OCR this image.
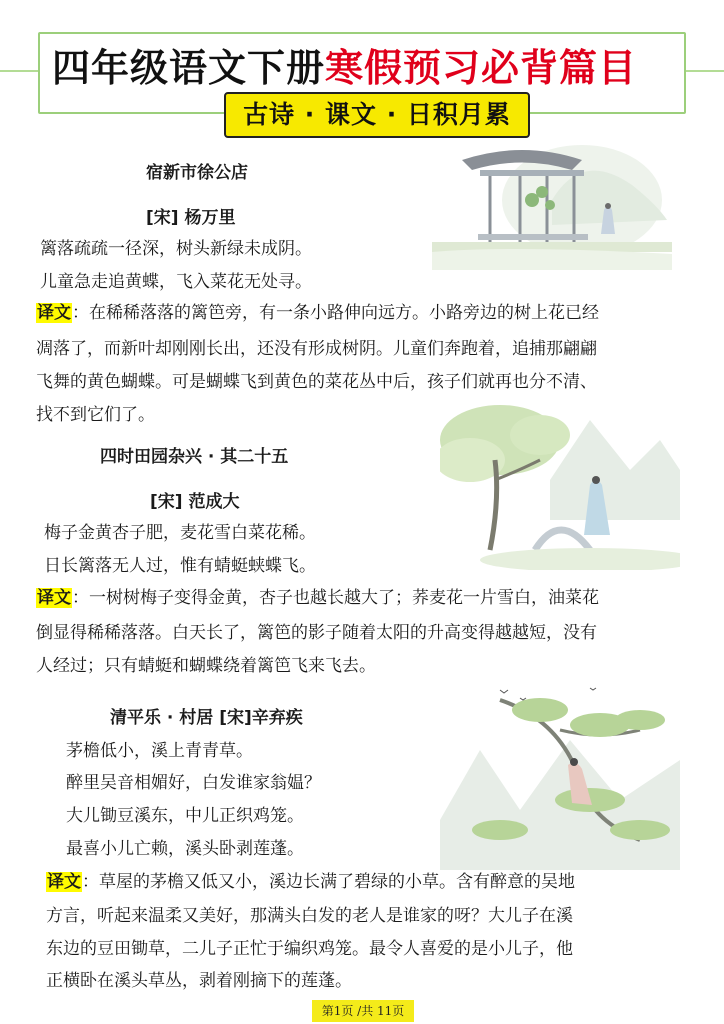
四年级语文下册寒假预习必背篇目
古诗 · 课文 · 日积月累
宿新市徐公店
[宋] 杨万里
篱落疏疏一径深，树头新绿未成阴。
儿童急走追黄蝶，飞入菜花无处寻。
译文：在稀稀落落的篱笆旁，有一条小路伸向远方。小路旁边的树上花已经
凋落了，而新叶却刚刚长出，还没有形成树阴。儿童们奔跑着，追捕那翩翩
飞舞的黄色蝴蝶。可是蝴蝶飞到黄色的菜花丛中后，孩子们就再也分不清、
找不到它们了。
四时田园杂兴 · 其二十五
[宋] 范成大
梅子金黄杏子肥，麦花雪白菜花稀。
日长篱落无人过，惟有蜻蜓蛱蝶飞。
译文：一树树梅子变得金黄，杏子也越长越大了；荞麦花一片雪白，油菜花
倒显得稀稀落落。白天长了，篱笆的影子随着太阳的升高变得越越短，没有
人经过；只有蜻蜓和蝴蝶绕着篱笆飞来飞去。
清平乐 · 村居 [宋]辛弃疾
茅檐低小，溪上青青草。
醉里吴音相媚好，白发谁家翁媪？
大儿锄豆溪东，中儿正织鸡笼。
最喜小儿亡赖，溪头卧剥莲蓬。
译文：草屋的茅檐又低又小，溪边长满了碧绿的小草。含有醉意的吴地
方言，听起来温柔又美好，那满头白发的老人是谁家的呀？大儿子在溪
东边的豆田锄草，二儿子正忙于编织鸡笼。最令人喜爱的是小儿子，他
正横卧在溪头草丛，剥着刚摘下的莲蓬。
第1页 /共 11页
